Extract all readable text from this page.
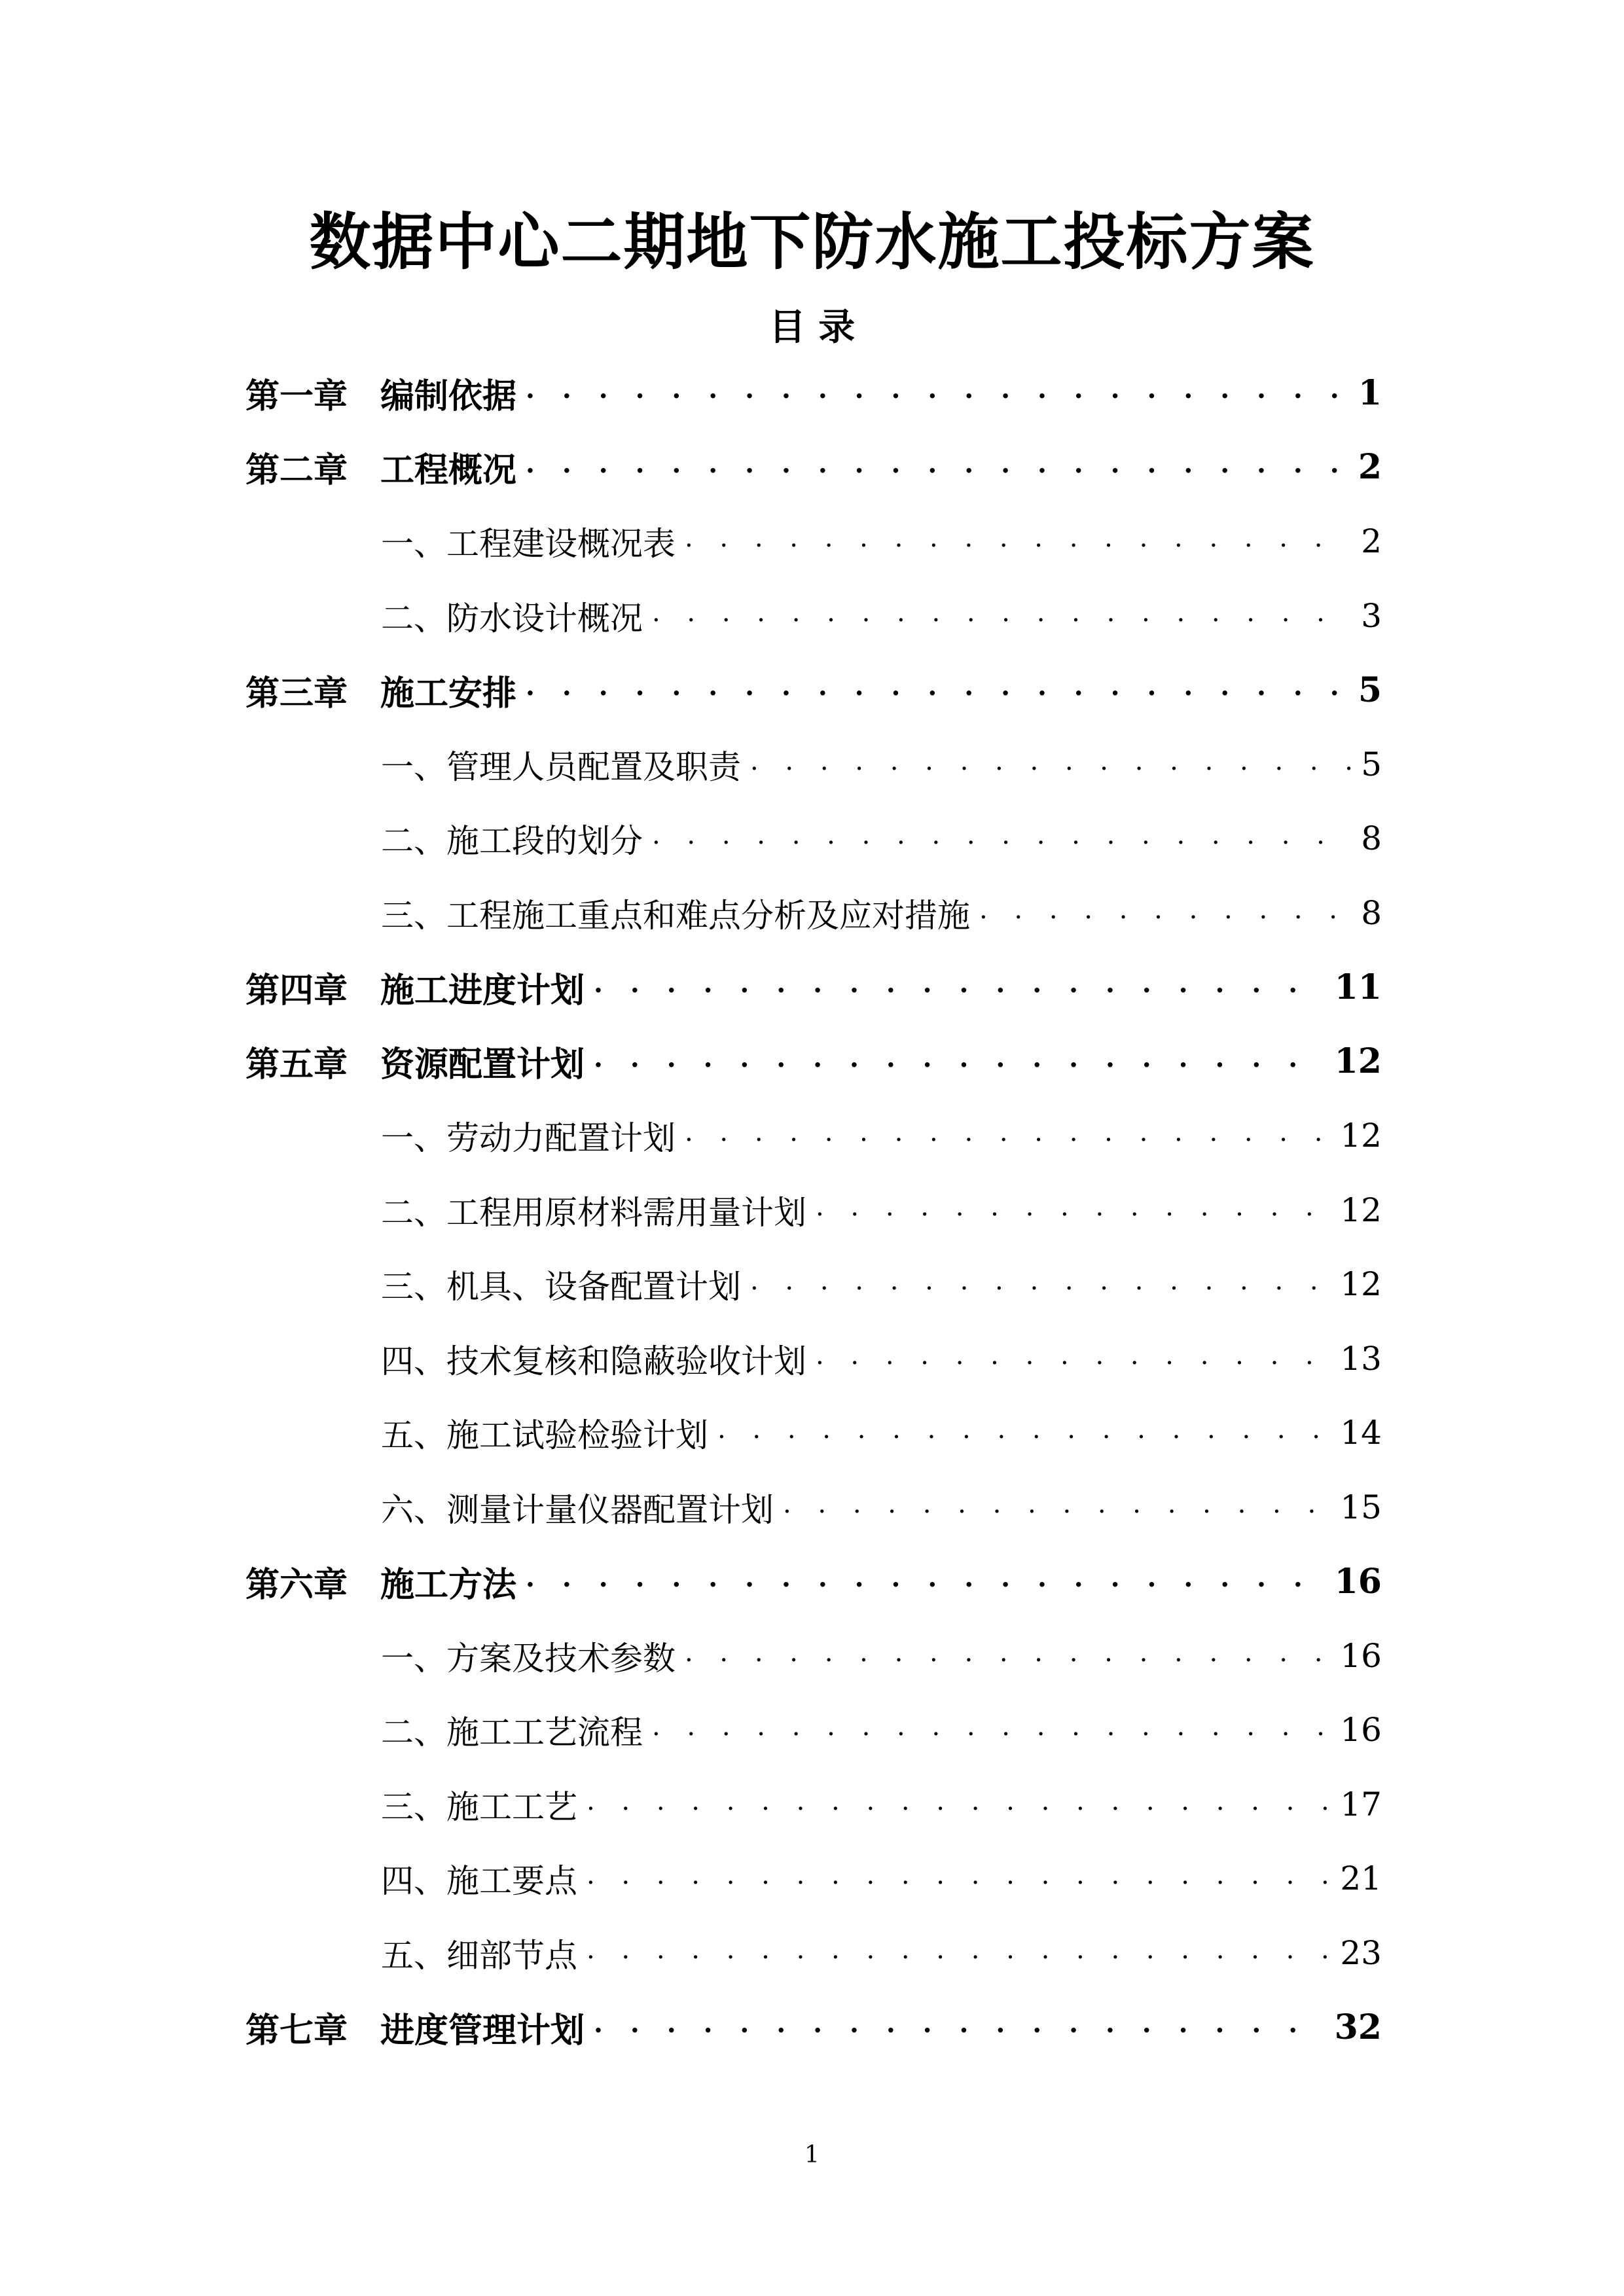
数据中心二期地下防水施工投标方案
目 录
第一章 编制依据 . . .	1
第二章 工程概况 . . .	2
一、 工程建设概况表 . . .	2
二、 防水设计概况 . . .	3
第三章 施工安排 . . .	5
一、 管理人员配置及职责 . . .	5
二、 施工段的划分 . . .	8
三、 工程施工重点和难点分析及应对措施 . . .	8
第四章 施工进度计划 . . .	11
第五章 资源配置计划 . . .	12
一、 劳动力配置计划 . . .	12
二、 工程用原材料需用量计划 . . .	12
三、 机具、设备配置计划 . . .	12
四、 技术复核和隐蔽验收计划 . . .	13
五、 施工试验检验计划 . . .	14
六、 测量计量仪器配置计划 . . .	15
第六章 施工方法 . . .	16
一、 方案及技术参数 . . .	16
二、 施工工艺流程 . . .	16
三、 施工工艺 . . .	17
四、 施工要点 . . .	21
五、 细部节点 . . .	23
第七章 进度管理计划 . . .	32
1
